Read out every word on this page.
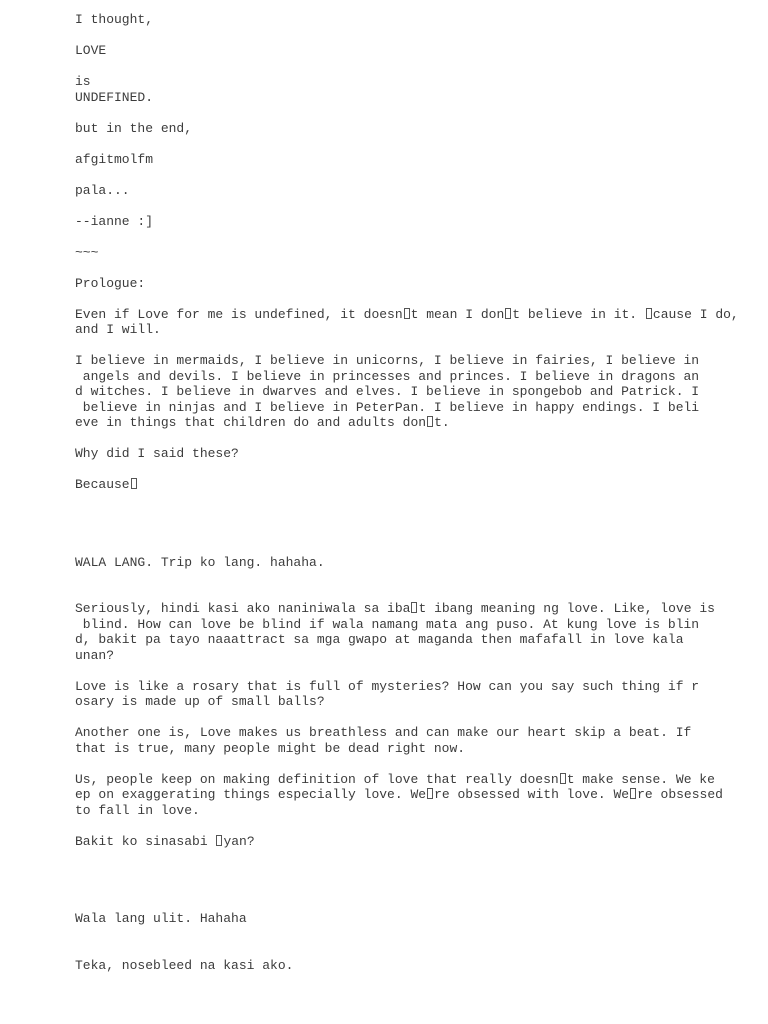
I thought,
LOVE
is
UNDEFINED.
but in the end,
afgitmolfm
pala...
--ianne :]
~~~
Prologue:
Even if Love for me is undefined, it doesn t mean I don t believe in it. cause I do,
and I will.
I believe in mermaids, I believe in unicorns, I believe in fairies, I believe in
angels and devils. I believe in princesses and princes. I believe in dragons an
d witches. I believe in dwarves and elves. I believe in spongebob and Patrick. I
believe in ninjas and I believe in PeterPan. I believe in happy endings. I beli
eve in things that children do and adults don t.
Why did I said these?
Because
WALA LANG. Trip ko lang. hahaha.
Seriously, hindi kasi ako naniniwala sa iba t ibang meaning ng love. Like, love is
blind. How can love be blind if wala namang mata ang puso. At kung love is blin
d, bakit pa tayo naaattract sa mga gwapo at maganda then mafafall in love kala
unan?
Love is like a rosary that is full of mysteries? How can you say such thing if r
osary is made up of small balls?
Another one is, Love makes us breathless and can make our heart skip a beat. If
that is true, many people might be dead right now.
Us, people keep on making definition of love that really doesn t make sense. We ke
ep on exaggerating things especially love. We re obsessed with love. We re obsessed
to fall in love.
Bakit ko sinasabi yan?
Wala lang ulit. Hahaha
Teka, nosebleed na kasi ako.
